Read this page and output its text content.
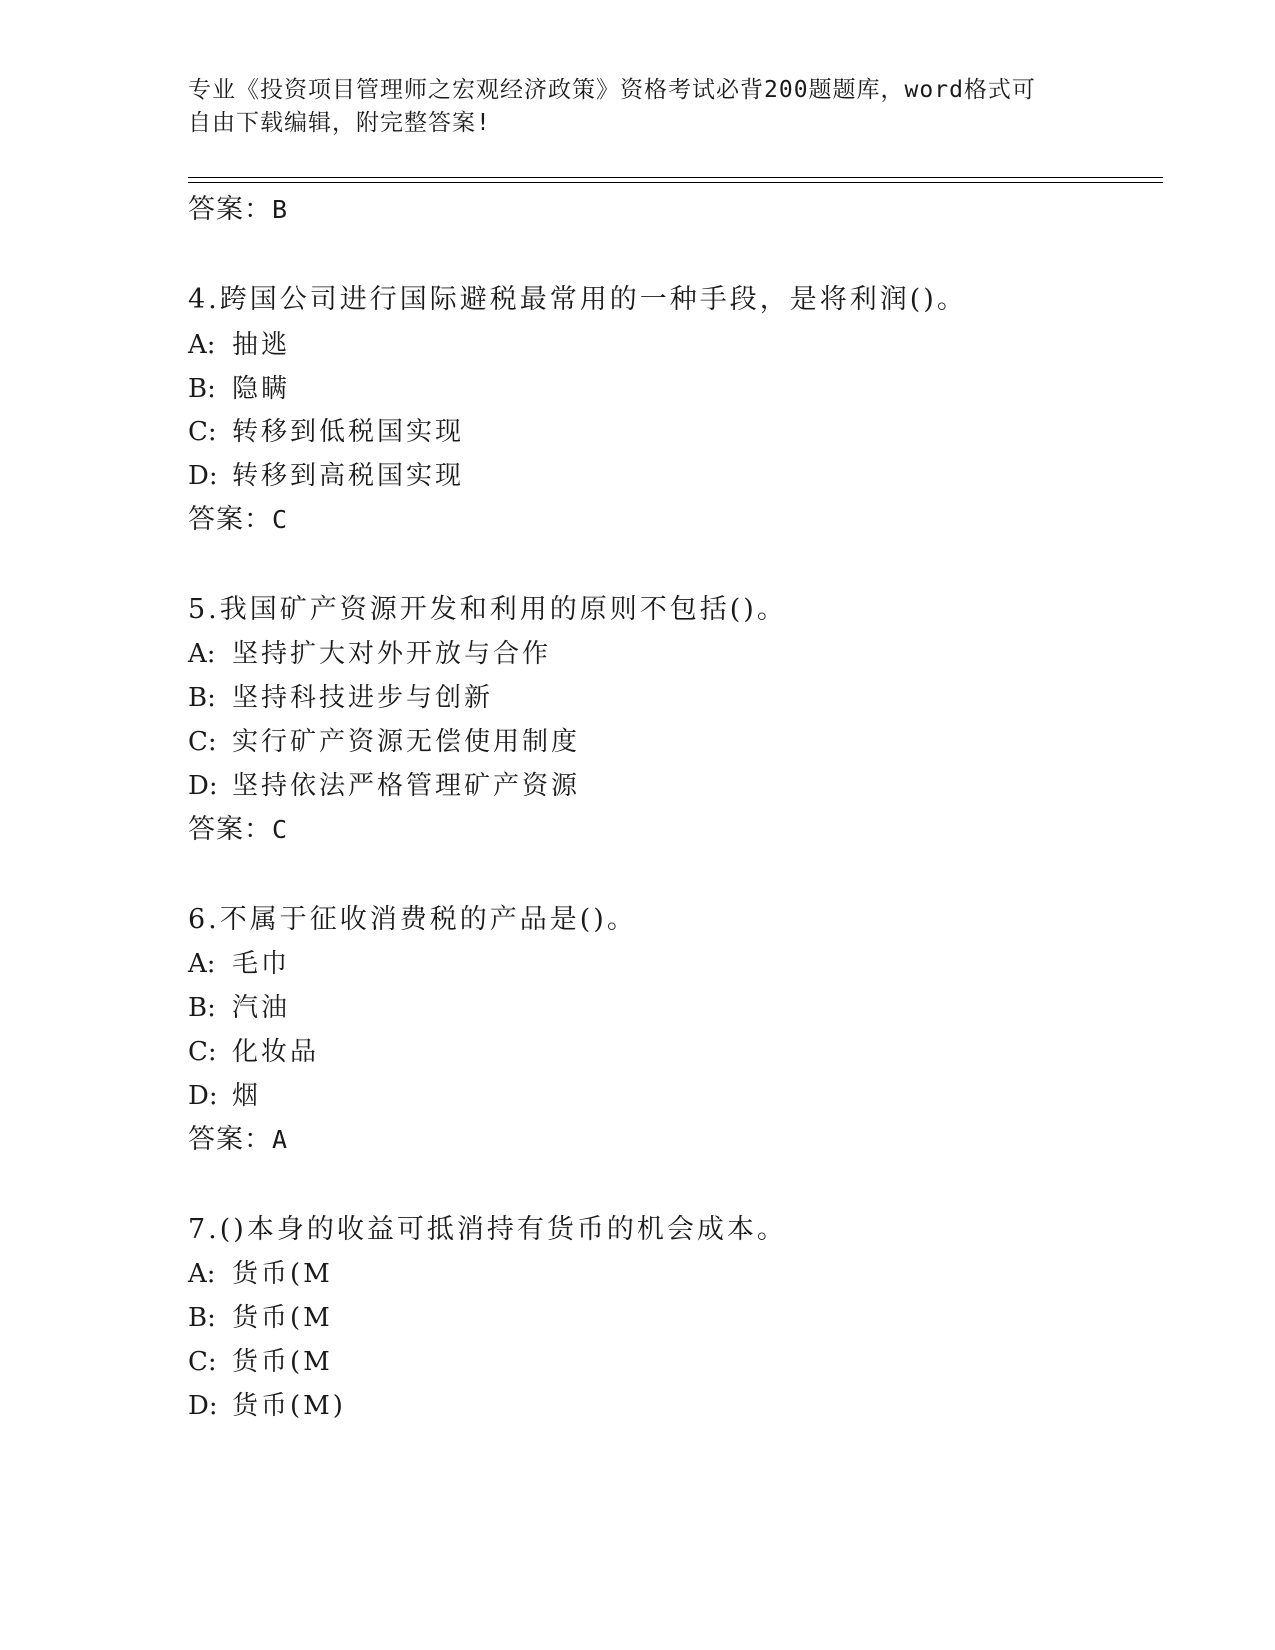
专业《投资项目管理师之宏观经济政策》资格考试必背200题题库，word格式可
自由下载编辑，附完整答案!
答案：B
4.跨国公司进行国际避税最常用的一种手段，是将利润()。
A: 抽逃
B: 隐瞒
C: 转移到低税国实现
D: 转移到高税国实现
答案：C
5.我国矿产资源开发和利用的原则不包括()。
A: 坚持扩大对外开放与合作
B: 坚持科技进步与创新
C: 实行矿产资源无偿使用制度
D: 坚持依法严格管理矿产资源
答案：C
6.不属于征收消费税的产品是()。
A: 毛巾
B: 汽油
C: 化妆品
D: 烟
答案：A
7.()本身的收益可抵消持有货币的机会成本。
A: 货币(M
B: 货币(M
C: 货币(M
D: 货币(M)
